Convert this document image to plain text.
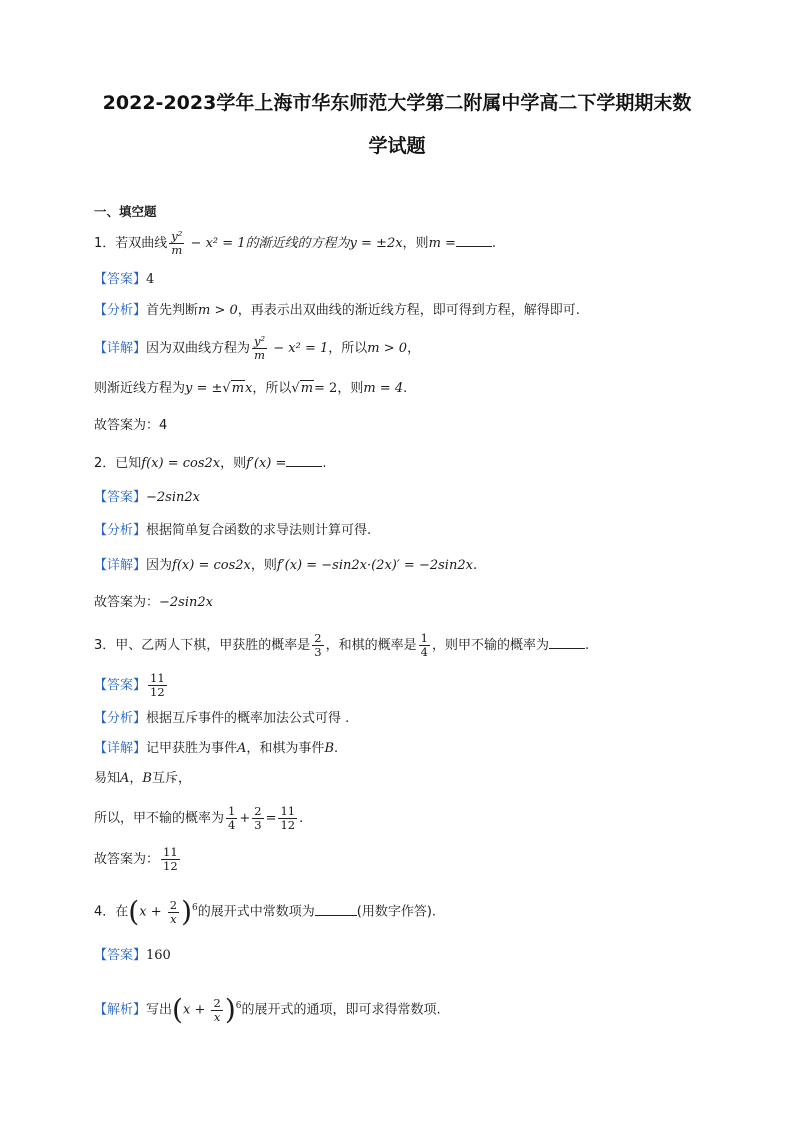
2022-2023学年上海市华东师范大学第二附属中学高二下学期期末数
学试题
一、填空题
1．若双曲线 $\frac{\text{y²}}{m} - x^2 = 1$的渐近线的方程为y = ±2x，则m =	.
【答案】4
【分析】首先判断m > 0，再表示出双曲线的渐近线方程，即可得到方程，解得即可.
【详解】因为双曲线方程为 $\frac{\text{y²}}{m} - x^2 = 1$，所以m > 0，
则渐近线方程为y = ±√mx，所以√m= 2，则m = 4.
故答案为：4
2．已知f(x) = cos2x，则f′(x) =	.
【答案】−2sin2x
【分析】根据简单复合函数的求导法则计算可得.
【详解】因为f(x) = cos2x，则f′(x) = −sin2x·(2x)′ = −2sin2x.
故答案为：−2sin2x
3．甲、乙两人下棋，甲获胜的概率是 $\frac{2}{3}$ ，和棋的概率是 $\frac{1}{4}$ ，则甲不输的概率为	.
【答案】 $\frac{11}{12}$
【分析】根据互斥事件的概率加法公式可得 .
【详解】记甲获胜为事件A，和棋为事件B.
易知A，B互斥，
所以，甲不输的概率为 $\frac{1}{4} + \frac{2}{3} = \frac{11}{12}$ .
故答案为： $\frac{11}{12}$
4．在$(x + \frac{2}{x} )^6$的展开式中常数项为	(用数字作答).
【答案】160
【解析】写出$(x + \frac{2}{x} )^6$的展开式的通项，即可求得常数项.
